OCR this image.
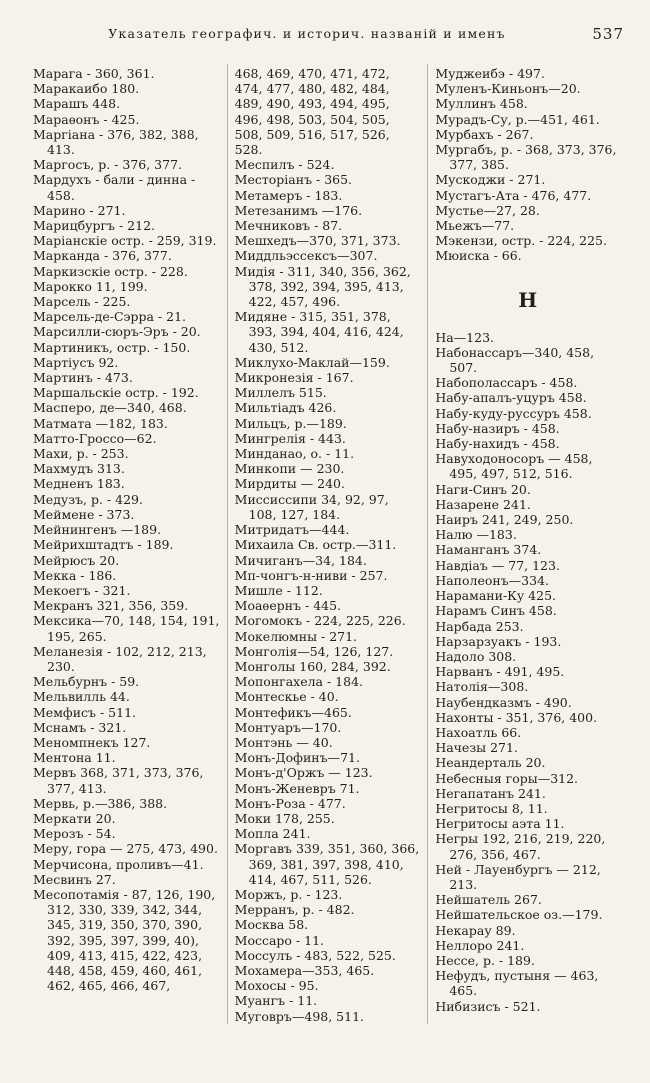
Указатель географич. и историч. названій и именъ	537

Марага - 360, 361.

Маракаибо 180.

Марашъ 448.

Мараѳонъ - 425.

Маргіана - 376, 382, 388, 413.

Маргосъ, р. - 376, 377.

Мардухъ - бали - динна - 458.

Марино - 271.

Марицбургъ - 212.

Маріанскіе остр. - 259, 319.

Марканда - 376, 377.

Маркизскіе остр. - 228.

Марокко 11, 199.

Марсель - 225.

Марсель-де-Сэрра - 21.

Марсилли-сюръ-Эръ - 20.

Мартиникъ, остр. - 150.

Мартіусъ 92.

Мартинъ - 473.

Маршальскіе остр. - 192.

Масперо, де—340, 468.

Матмата —182, 183.

Матто-Гроссо—62.

Махи, р. - 253.

Махмудъ 313.

Медненъ 183.

Медузъ, р. - 429.

Меймене - 373.

Мейнингенъ —189.

Мейрихштадтъ - 189.

Мейрюсъ 20.

Мекка - 186.

Мекоегъ - 321.

Мекранъ 321, 356, 359.

Мексика—70, 148, 154, 191, 195, 265.

Меланезія - 102, 212, 213, 230.

Мельбурнъ - 59.

Мельвилль 44.

Мемфисъ - 511.

Мснамъ - 321.

Меномпнекъ 127.

Ментона 11.

Мервъ 368, 371, 373, 376, 377, 413.

Мервь, р.—386, 388.

Меркати 20.

Мерозъ - 54.

Меру, гора — 275, 473, 490.

Мерчисона, проливъ—41.

Месвинъ 27.

Месопотамія - 87, 126, 190, 312, 330, 339, 342, 344, 345, 319, 350, 370, 390, 392, 395, 397, 399, 40), 409, 413, 415, 422, 423, 448, 458, 459, 460, 461, 462, 465, 466, 467,

468, 469, 470, 471, 472, 474, 477, 480, 482, 484, 489, 490, 493, 494, 495, 496, 498, 503, 504, 505, 508, 509, 516, 517, 526, 528.

Меспилъ - 524.

Месторіанъ - 365.

Метамеръ - 183.

Метезанимъ —176.

Мечниковъ - 87.

Мешхедъ—370, 371, 373.

Миддльэссексъ—307.

Мидія - 311, 340, 356, 362, 378, 392, 394, 395, 413, 422, 457, 496.

Мидяне - 315, 351, 378, 393, 394, 404, 416, 424, 430, 512.

Миклухо-Маклай—159.

Микронезія - 167.

Миллелъ 515.

Мильтіадъ 426.

Мильцъ, р.—189.

Мингрелія - 443.

Минданао, о. - 11.

Минкопи — 230.

Мирдиты — 240.

Миссиссипи 34, 92, 97, 108, 127, 184.

Митридатъ—444.

Михаила Св. остр.—311.

Мичиганъ—34, 184.

Мп-чонгъ-н-ниви - 257.

Мишле - 112.

Моаѳернъ - 445.

Могомокъ - 224, 225, 226.

Мокелюмны - 271.

Монголія—54, 126, 127.

Монголы 160, 284, 392.

Мопонгахела - 184.

Монтескье - 40.

Монтефикъ—465.

Монтуаръ—170.

Монтэнь — 40.

Монъ-Дофинъ—71.

Монъ-д'Оржъ — 123.

Монъ-Женевръ 71.

Монъ-Роза - 477.

Моки 178, 255.

Мопла 241.

Моргавъ 339, 351, 360, 366, 369, 381, 397, 398, 410, 414, 467, 511, 526.

Моржъ, р. - 123.

Мерранъ, р. - 482.

Москва 58.

Моссаро - 11.

Моссулъ - 483, 522, 525.

Мохамера—353, 465.

Мохосы - 95.

Муангъ - 11.

Муговръ—498, 511.

Муджеибэ - 497.

Муленъ-Киньонъ—20.

Муллинъ 458.

Мурадъ-Су, р.—451, 461.

Мурбахъ - 267.

Мургабъ, р. - 368, 373, 376, 377, 385.

Мускоджи - 271.

Мустагъ-Ата - 476, 477.

Мустье—27, 28.

Мьежъ—77.

Мэкензи, остр. - 224, 225.

Мюиска - 66.

Н

На—123.

Набонассаръ—340, 458, 507.

Набополассаръ - 458.

Набу-апалъ-уцуръ 458.

Набу-куду-руссуръ 458.

Набу-назиръ - 458.

Набу-нахидъ - 458.

Навуходоносоръ — 458, 495, 497, 512, 516.

Наги-Синъ 20.

Назарене 241.

Наиръ 241, 249, 250.

Налю —183.

Наманганъ 374.

Навдіаъ — 77, 123.

Наполеонъ—334.

Нарамани-Ку 425.

Нарамъ Синъ 458.

Нарбада 253.

Нарзарзуакъ - 193.

Надоло 308.

Нарванъ - 491, 495.

Натолія—308.

Наубендказмъ - 490.

Нахонты - 351, 376, 400.

Нахоатль 66.

Начезы 271.

Неандерталь 20.

Небесныя горы—312.

Негапатанъ 241.

Негритосы 8, 11.

Негритосы аэта 11.

Негры 192, 216, 219, 220, 276, 356, 467.

Ней - Лауенбургъ — 212, 213.

Нейшатель 267.

Нейшательское оз.—179.

Некарау 89.

Неллоро 241.

Нессе, р. - 189.

Нефудъ, пустыня — 463, 465.

Нибизисъ - 521.
